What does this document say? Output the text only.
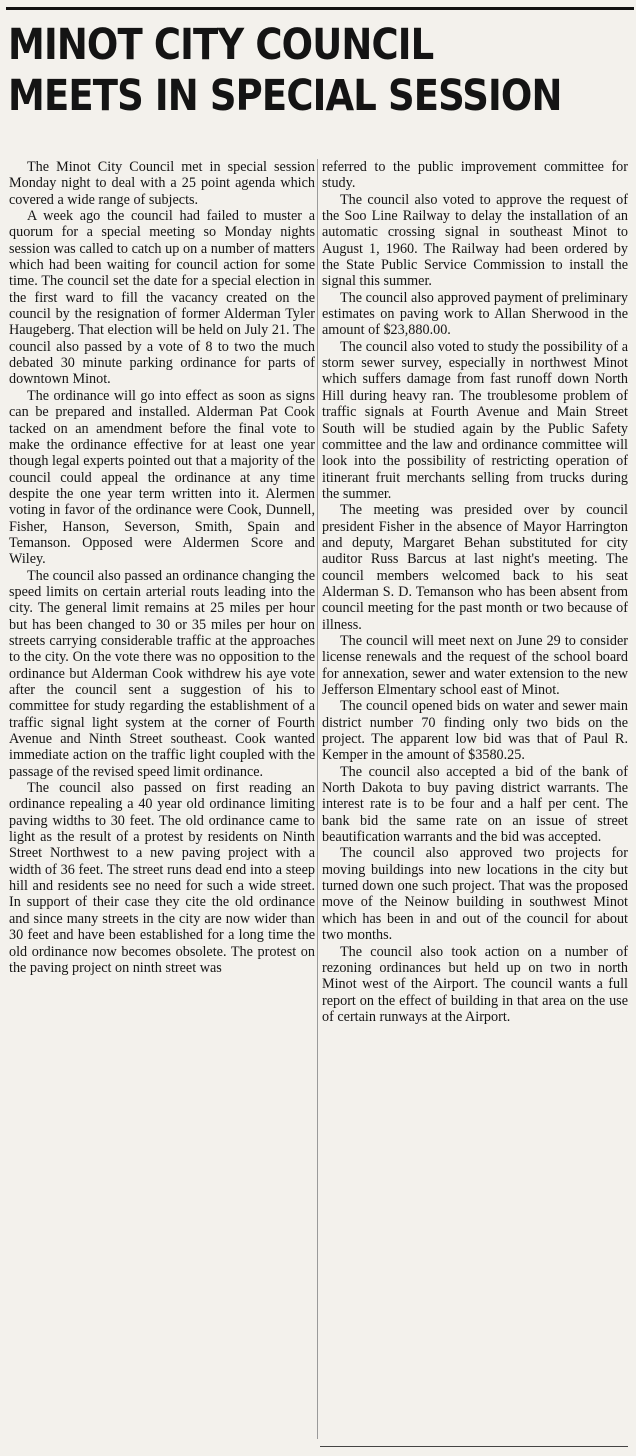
MINOT CITY COUNCIL
MEETS IN SPECIAL SESSION

The Minot City Council met in special session Monday night to deal with a 25 point agenda which covered a wide range of subjects.

A week ago the council had failed to muster a quorum for a special meeting so Monday nights session was called to catch up on a number of matters which had been waiting for council action for some time. The council set the date for a special election in the first ward to fill the vacancy created on the council by the resignation of former Alderman Tyler Haugeberg. That election will be held on July 21. The council also passed by a vote of 8 to two the much debated 30 minute parking ordinance for parts of downtown Minot.

The ordinance will go into effect as soon as signs can be prepared and installed. Alderman Pat Cook tacked on an amendment before the final vote to make the ordinance effective for at least one year though legal experts pointed out that a majority of the council could appeal the ordinance at any time despite the one year term written into it. Alermen voting in favor of the ordinance were Cook, Dunnell, Fisher, Hanson, Severson, Smith, Spain and Temanson. Opposed were Aldermen Score and Wiley.

The council also passed an ordinance changing the speed limits on certain arterial routs leading into the city. The general limit remains at 25 miles per hour but has been changed to 30 or 35 miles per hour on streets carrying considerable traffic at the approaches to the city. On the vote there was no opposition to the ordinance but Alderman Cook withdrew his aye vote after the council sent a suggestion of his to committee for study regarding the establishment of a traffic signal light system at the corner of Fourth Avenue and Ninth Street southeast. Cook wanted immediate action on the traffic light coupled with the passage of the revised speed limit ordinance.

The council also passed on first reading an ordinance repealing a 40 year old ordinance limiting paving widths to 30 feet. The old ordinance came to light as the result of a protest by residents on Ninth Street Northwest to a new paving project with a width of 36 feet. The street runs dead end into a steep hill and residents see no need for such a wide street. In support of their case they cite the old ordinance and since many streets in the city are now wider than 30 feet and have been established for a long time the old ordinance now becomes obsolete. The protest on the paving project on ninth street was

referred to the public improvement committee for study.

The council also voted to approve the request of the Soo Line Railway to delay the installation of an automatic crossing signal in southeast Minot to August 1, 1960. The Railway had been ordered by the State Public Service Commission to install the signal this summer.

The council also approved payment of preliminary estimates on paving work to Allan Sherwood in the amount of $23,880.00.

The council also voted to study the possibility of a storm sewer survey, especially in northwest Minot which suffers damage from fast runoff down North Hill during heavy ran. The troublesome problem of traffic signals at Fourth Avenue and Main Street South will be studied again by the Public Safety committee and the law and ordinance committee will look into the possibility of restricting operation of itinerant fruit merchants selling from trucks during the summer.

The meeting was presided over by council president Fisher in the absence of Mayor Harrington and deputy, Margaret Behan substituted for city auditor Russ Barcus at last night's meeting. The council members welcomed back to his seat Alderman S. D. Temanson who has been absent from council meeting for the past month or two because of illness.

The council will meet next on June 29 to consider license renewals and the request of the school board for annexation, sewer and water extension to the new Jefferson Elmentary school east of Minot.

The council opened bids on water and sewer main district number 70 finding only two bids on the project. The apparent low bid was that of Paul R. Kemper in the amount of $3580.25.

The council also accepted a bid of the bank of North Dakota to buy paving district warrants. The interest rate is to be four and a half per cent. The bank bid the same rate on an issue of street beautification warrants and the bid was accepted.

The council also approved two projects for moving buildings into new locations in the city but turned down one such project. That was the proposed move of the Neinow building in southwest Minot which has been in and out of the council for about two months.

The council also took action on a number of rezoning ordinances but held up on two in north Minot west of the Airport. The council wants a full report on the effect of building in that area on the use of certain runways at the Airport.
